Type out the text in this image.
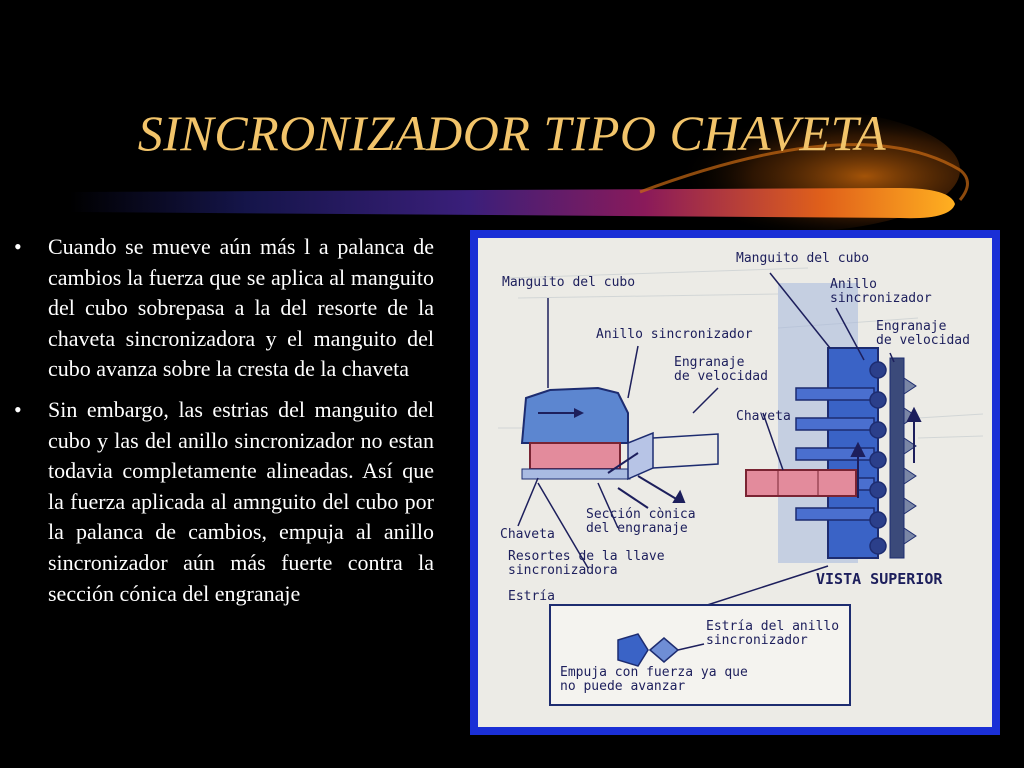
SINCRONIZADOR TIPO CHAVETA
• Cuando se mueve aún más l a palanca de cambios la fuerza que se aplica al manguito del cubo sobrepasa a la del resorte de la chaveta sincronizadora y el manguito del cubo avanza sobre la cresta de la chaveta
• Sin embargo, las estrias del manguito del cubo y las del anillo sincronizador no estan todavia completamente alineadas. Así que la fuerza aplicada al amnguito del cubo por la palanca de cambios, empuja al anillo sincronizador aún más fuerte contra la sección cónica del engranaje
Manguito del cubo
Anillo
sincronizador
Manguito del cubo
Engranaje
de velocidad
Anillo sincronizador
Engranaje
de velocidad
Chaveta
Chaveta
Sección cònica
del engranaje
Resortes de la llave
sincronizadora	VISTA SUPERIOR
Estría
Estría del anillo
sincronizador
Empuja con fuerza ya que
no puede avanzar
